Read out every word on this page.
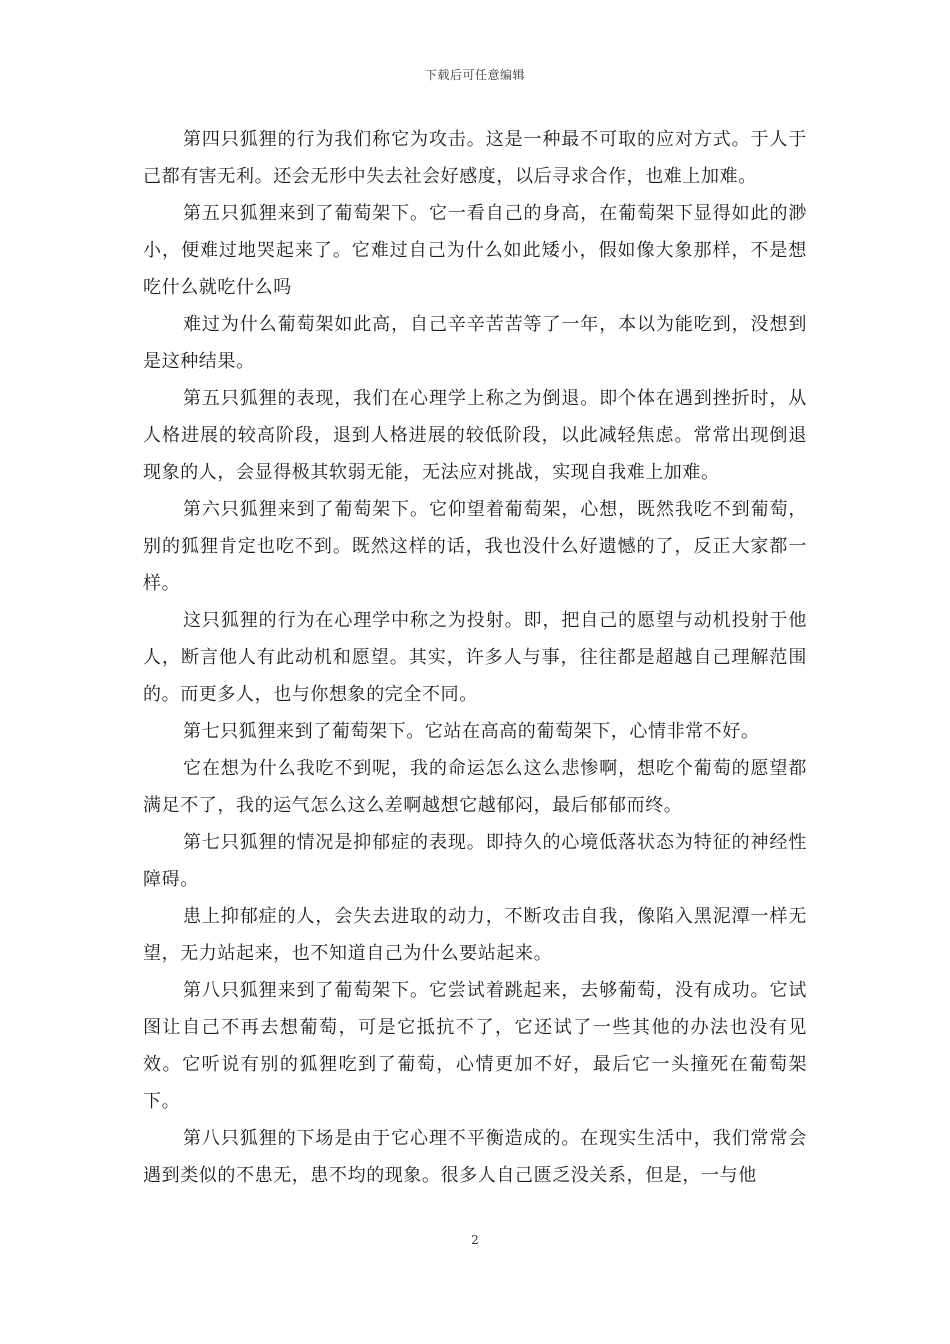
下载后可任意编辑

第四只狐狸的行为我们称它为攻击。这是一种最不可取的应对方式。于人于己都有害无利。还会无形中失去社会好感度，以后寻求合作，也难上加难。

第五只狐狸来到了葡萄架下。它一看自己的身高，在葡萄架下显得如此的渺小，便难过地哭起来了。它难过自己为什么如此矮小，假如像大象那样，不是想吃什么就吃什么吗

难过为什么葡萄架如此高，自己辛辛苦苦等了一年，本以为能吃到，没想到是这种结果。

第五只狐狸的表现，我们在心理学上称之为倒退。即个体在遇到挫折时，从人格进展的较高阶段，退到人格进展的较低阶段，以此减轻焦虑。常常出现倒退现象的人，会显得极其软弱无能，无法应对挑战，实现自我难上加难。

第六只狐狸来到了葡萄架下。它仰望着葡萄架，心想，既然我吃不到葡萄，别的狐狸肯定也吃不到。既然这样的话，我也没什么好遗憾的了，反正大家都一样。

这只狐狸的行为在心理学中称之为投射。即，把自己的愿望与动机投射于他人，断言他人有此动机和愿望。其实，许多人与事，往往都是超越自己理解范围的。而更多人，也与你想象的完全不同。

第七只狐狸来到了葡萄架下。它站在高高的葡萄架下，心情非常不好。

它在想为什么我吃不到呢，我的命运怎么这么悲惨啊，想吃个葡萄的愿望都满足不了，我的运气怎么这么差啊越想它越郁闷，最后郁郁而终。

第七只狐狸的情况是抑郁症的表现。即持久的心境低落状态为特征的神经性障碍。

患上抑郁症的人，会失去进取的动力，不断攻击自我，像陷入黑泥潭一样无望，无力站起来，也不知道自己为什么要站起来。

第八只狐狸来到了葡萄架下。它尝试着跳起来，去够葡萄，没有成功。它试图让自己不再去想葡萄，可是它抵抗不了，它还试了一些其他的办法也没有见效。它听说有别的狐狸吃到了葡萄，心情更加不好，最后它一头撞死在葡萄架下。

第八只狐狸的下场是由于它心理不平衡造成的。在现实生活中，我们常常会遇到类似的不患无，患不均的现象。很多人自己匮乏没关系，但是，一与他

2
